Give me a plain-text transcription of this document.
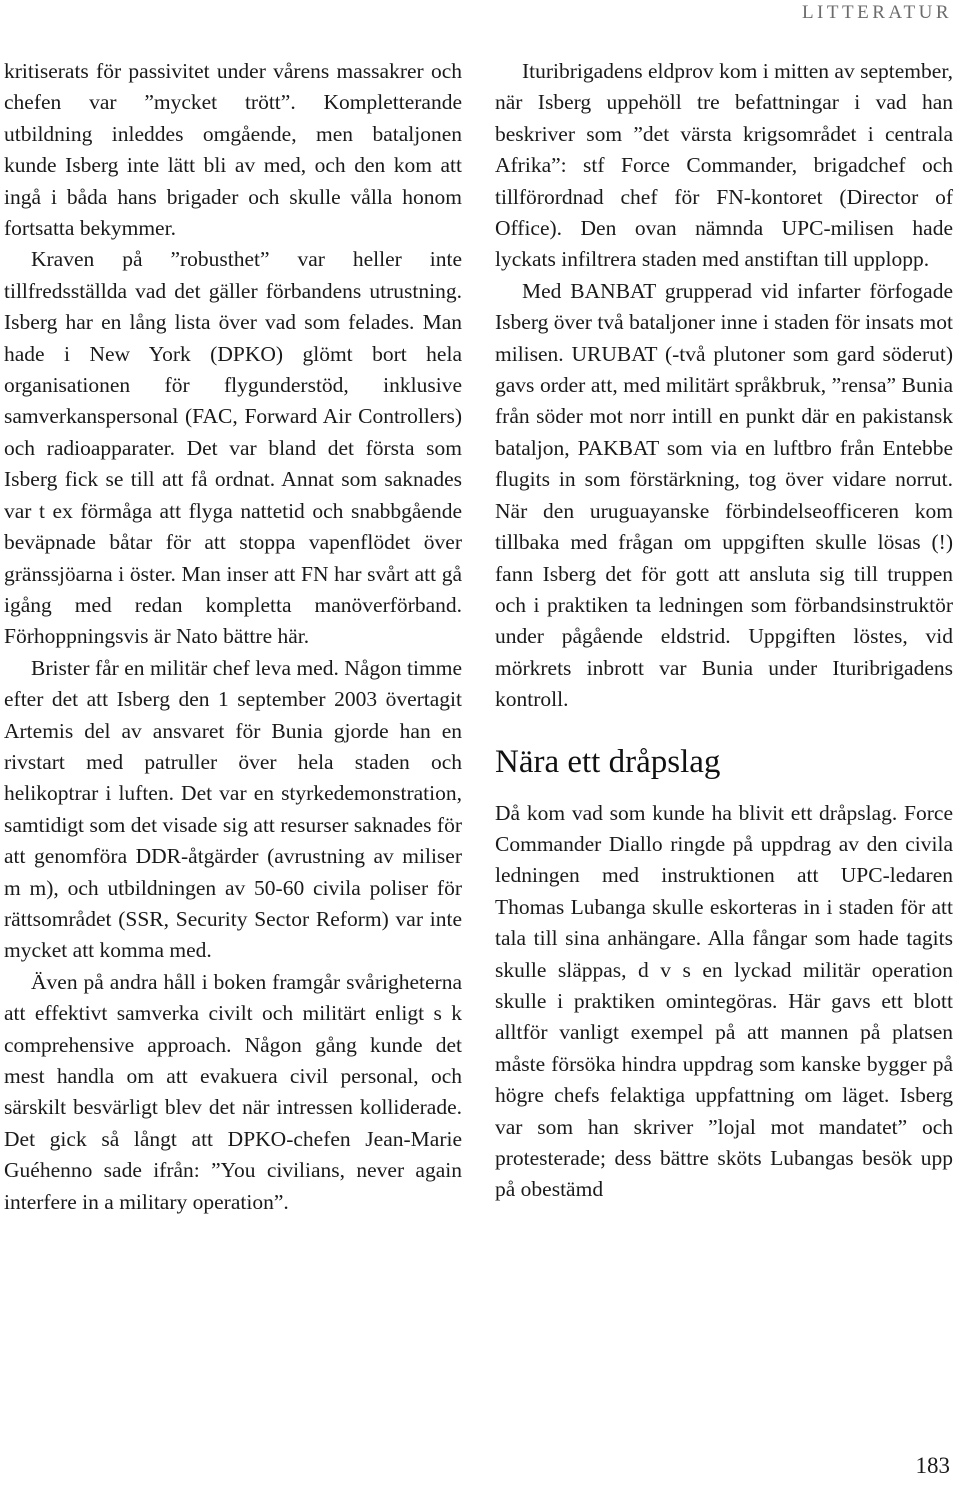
LITTERATUR

kritiserats för passivitet under vårens massakrer och chefen var ”mycket trött”. Kompletterande utbildning inleddes omgående, men bataljonen kunde Isberg inte lätt bli av med, och den kom att ingå i båda hans brigader och skulle vålla honom fortsatta bekymmer.

Kraven på ”robusthet” var heller inte tillfredsställda vad det gäller förbandens utrustning. Isberg har en lång lista över vad som felades. Man hade i New York (DPKO) glömt bort hela organisationen för flygunderstöd, inklusive samverkanspersonal (FAC, Forward Air Controllers) och radioapparater. Det var bland det första som Isberg fick se till att få ordnat. Annat som saknades var t ex förmåga att flyga nattetid och snabbgående beväpnade båtar för att stoppa vapenflödet över gränssjöarna i öster. Man inser att FN har svårt att gå igång med redan kompletta manöverförband. Förhoppningsvis är Nato bättre här.

Brister får en militär chef leva med. Någon timme efter det att Isberg den 1 september 2003 övertagit Artemis del av ansvaret för Bunia gjorde han en rivstart med patruller över hela staden och helikoptrar i luften. Det var en styrkedemonstration, samtidigt som det visade sig att resurser saknades för att genomföra DDR-åtgärder (avrustning av miliser m m), och utbildningen av 50-60 civila poliser för rättsområdet (SSR, Security Sector Reform) var inte mycket att komma med.

Även på andra håll i boken framgår svårigheterna att effektivt samverka civilt och militärt enligt s k comprehensive approach. Någon gång kunde det mest handla om att evakuera civil personal, och särskilt besvärligt blev det när intressen kolliderade. Det gick så långt att DPKO-chefen Jean-Marie Guéhenno sade ifrån: ”You civilians, never again interfere in a military operation”.

Ituribrigadens eldprov kom i mitten av september, när Isberg uppehöll tre befattningar i vad han beskriver som ”det värsta krigsområdet i centrala Afrika”: stf Force Commander, brigadchef och tillförordnad chef för FN-kontoret (Director of Office). Den ovan nämnda UPC-milisen hade lyckats infiltrera staden med anstiftan till upplopp.

Med BANBAT grupperad vid infarter förfogade Isberg över två bataljoner inne i staden för insats mot milisen. URUBAT (-två plutoner som gard söderut) gavs order att, med militärt språkbruk, ”rensa” Bunia från söder mot norr intill en punkt där en pakistansk bataljon, PAKBAT som via en luftbro från Entebbe flugits in som förstärkning, tog över vidare norrut. När den uruguayanske förbindelseofficeren kom tillbaka med frågan om uppgiften skulle lösas (!) fann Isberg det för gott att ansluta sig till truppen och i praktiken ta ledningen som förbandsinstruktör under pågående eldstrid. Uppgiften löstes, vid mörkrets inbrott var Bunia under Ituribrigadens kontroll.

Nära ett dråpslag

Då kom vad som kunde ha blivit ett dråpslag. Force Commander Diallo ringde på uppdrag av den civila ledningen med instruktionen att UPC-ledaren Thomas Lubanga skulle eskorteras in i staden för att tala till sina anhängare. Alla fångar som hade tagits skulle släppas, d v s en lyckad militär operation skulle i praktiken omintegöras. Här gavs ett blott alltför vanligt exempel på att mannen på platsen måste försöka hindra uppdrag som kanske bygger på högre chefs felaktiga uppfattning om läget. Isberg var som han skriver ”lojal mot mandatet” och protesterade; dess bättre sköts Lubangas besök upp på obestämd

183
